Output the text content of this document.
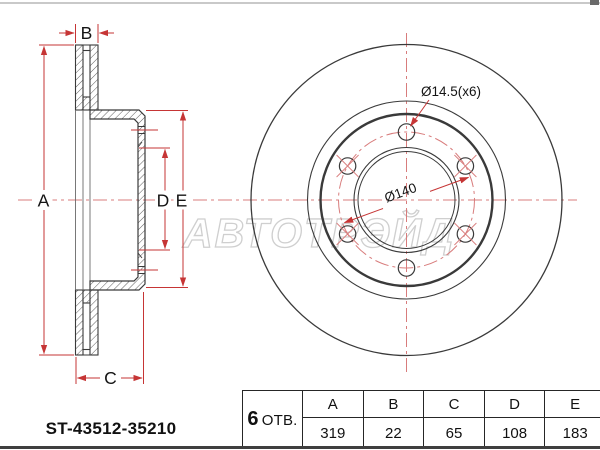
АВТОТРЭЙД
A
B
C
D E
Ø14.5(x6)
Ø140
ST-43512-35210	6 ОТВ.	A	B	C	D	E
	319	22	65	108	183
